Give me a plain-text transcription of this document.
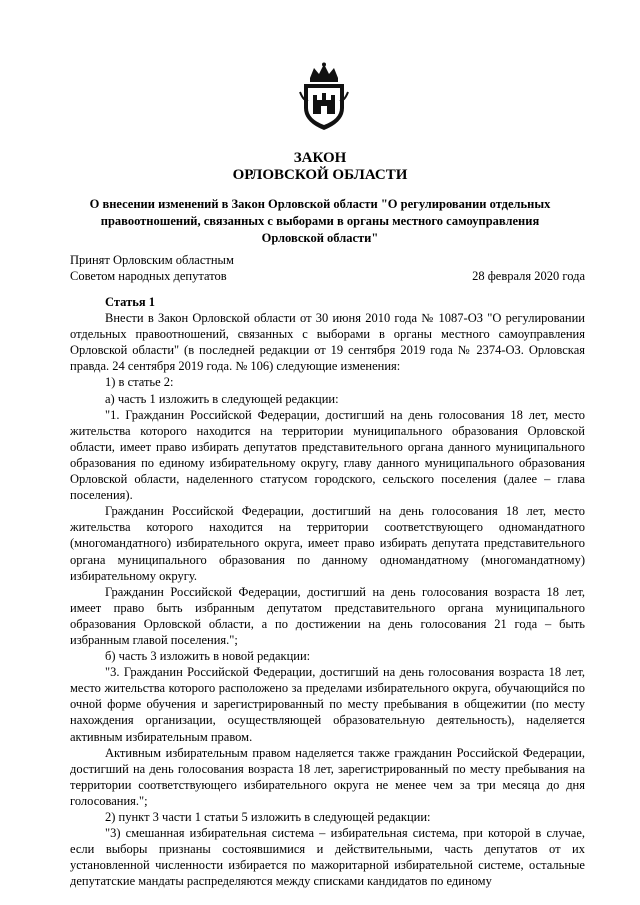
ЗАКОН
ОРЛОВСКОЙ ОБЛАСТИ
О внесении изменений в Закон Орловской области "О регулировании отдельных правоотношений, связанных с выборами в органы местного самоуправления Орловской области"
Принят Орловским областным
Советом народных депутатов	28 февраля 2020 года

Статья 1

Внести в Закон Орловской области от 30 июня 2010 года № 1087-ОЗ "О регулировании отдельных правоотношений, связанных с выборами в органы местного самоуправления Орловской области" (в последней редакции от 19 сентября 2019 года № 2374-ОЗ. Орловская правда. 24 сентября 2019 года. № 106) следующие изменения:

1) в статье 2:

а) часть 1 изложить в следующей редакции:

"1. Гражданин Российской Федерации, достигший на день голосования 18 лет, место жительства которого находится на территории муниципального образования Орловской области, имеет право избирать депутатов представительного органа данного муниципального образования по единому избирательному округу, главу данного муниципального образования Орловской области, наделенного статусом городского, сельского поселения (далее – глава поселения).

Гражданин Российской Федерации, достигший на день голосования 18 лет, место жительства которого находится на территории соответствующего одномандатного (многомандатного) избирательного округа, имеет право избирать депутата представительного органа муниципального образования по данному одномандатному (многомандатному) избирательному округу.

Гражданин Российской Федерации, достигший на день голосования возраста 18 лет, имеет право быть избранным депутатом представительного органа муниципального образования Орловской области, а по достижении на день голосования 21 года – быть избранным главой поселения.";

б) часть 3 изложить в новой редакции:

"3. Гражданин Российской Федерации, достигший на день голосования возраста 18 лет, место жительства которого расположено за пределами избирательного округа, обучающийся по очной форме обучения и зарегистрированный по месту пребывания в общежитии (по месту нахождения организации, осуществляющей образовательную деятельность), наделяется активным избирательным правом.

Активным избирательным правом наделяется также гражданин Российской Федерации, достигший на день голосования возраста 18 лет, зарегистрированный по месту пребывания на территории соответствующего избирательного округа не менее чем за три месяца до дня голосования.";

2) пункт 3 части 1 статьи 5 изложить в следующей редакции:

"3) смешанная избирательная система – избирательная система, при которой в случае, если выборы признаны состоявшимися и действительными, часть депутатов от их установленной численности избирается по мажоритарной избирательной системе, остальные депутатские мандаты распределяются между списками кандидатов по единому
